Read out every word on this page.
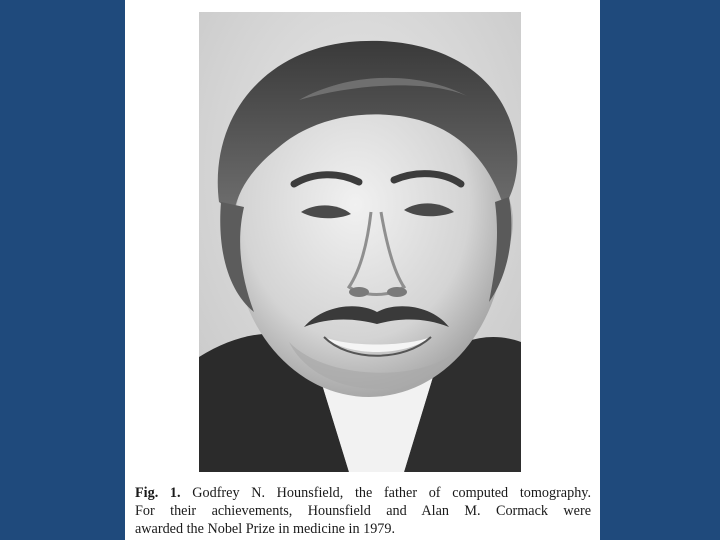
Fig. 1. Godfrey N. Hounsfield, the father of computed tomography.
For their achievements, Hounsfield and Alan M. Cormack were
awarded the Nobel Prize in medicine in 1979.
